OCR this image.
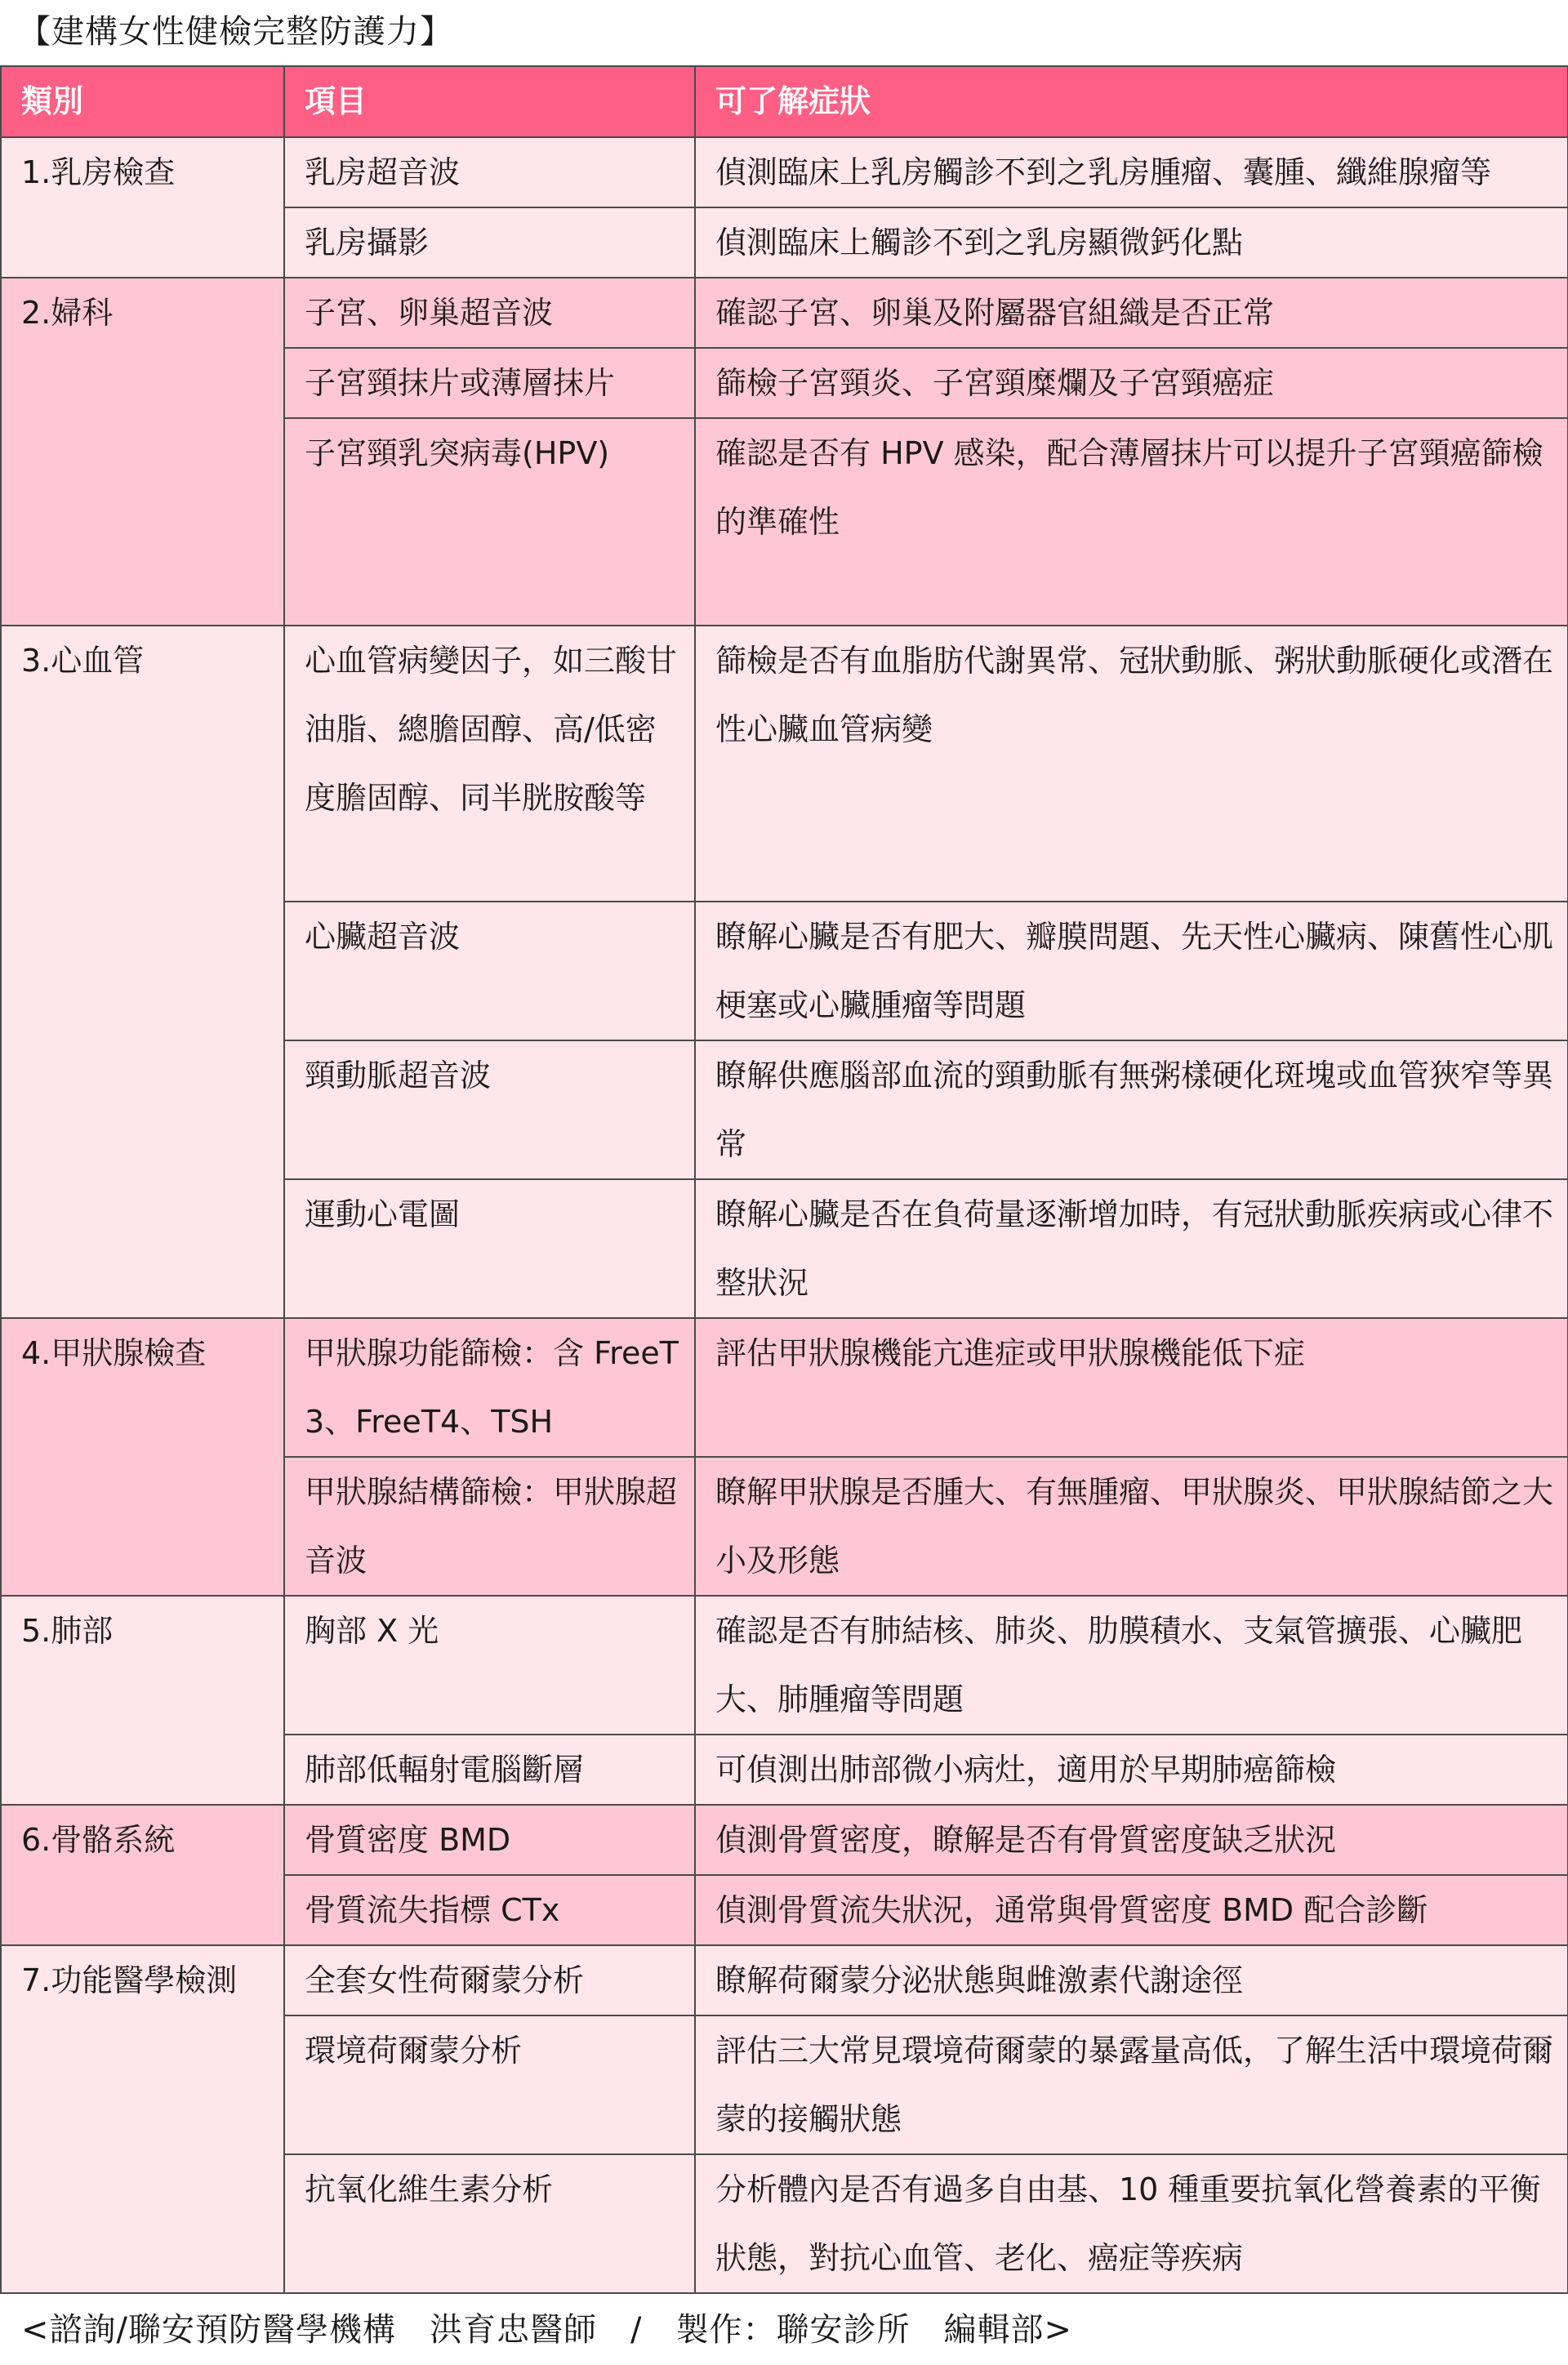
【建構女性健檢完整防護力】
類別	項目	可了解症狀
1.乳房檢查	乳房超音波	偵測臨床上乳房觸診不到之乳房腫瘤、囊腫、纖維腺瘤等
	乳房攝影	偵測臨床上觸診不到之乳房顯微鈣化點
2.婦科	子宮、卵巢超音波	確認子宮、卵巢及附屬器官組織是否正常
	子宮頸抹片或薄層抹片	篩檢子宮頸炎、子宮頸糜爛及子宮頸癌症
	子宮頸乳突病毒(HPV)	確認是否有 HPV 感染，配合薄層抹片可以提升子宮頸癌篩檢的準確性
3.心血管	心血管病變因子，如三酸甘油脂、總膽固醇、高/低密度膽固醇、同半胱胺酸等	篩檢是否有血脂肪代謝異常、冠狀動脈、粥狀動脈硬化或潛在性心臟血管病變
	心臟超音波	瞭解心臟是否有肥大、瓣膜問題、先天性心臟病、陳舊性心肌梗塞或心臟腫瘤等問題
	頸動脈超音波	瞭解供應腦部血流的頸動脈有無粥樣硬化斑塊或血管狹窄等異常
	運動心電圖	瞭解心臟是否在負荷量逐漸增加時，有冠狀動脈疾病或心律不整狀況
4.甲狀腺檢查	甲狀腺功能篩檢：含 FreeT3、FreeT4、TSH	評估甲狀腺機能亢進症或甲狀腺機能低下症
	甲狀腺結構篩檢：甲狀腺超音波	瞭解甲狀腺是否腫大、有無腫瘤、甲狀腺炎、甲狀腺結節之大小及形態
5.肺部	胸部 X 光	確認是否有肺結核、肺炎、肋膜積水、支氣管擴張、心臟肥大、肺腫瘤等問題
	肺部低輻射電腦斷層	可偵測出肺部微小病灶，適用於早期肺癌篩檢
6.骨骼系統	骨質密度 BMD	偵測骨質密度，瞭解是否有骨質密度缺乏狀況
	骨質流失指標 CTx	偵測骨質流失狀況，通常與骨質密度 BMD 配合診斷
7.功能醫學檢測	全套女性荷爾蒙分析	瞭解荷爾蒙分泌狀態與雌激素代謝途徑
	環境荷爾蒙分析	評估三大常見環境荷爾蒙的暴露量高低，了解生活中環境荷爾蒙的接觸狀態
	抗氧化維生素分析	分析體內是否有過多自由基、10 種重要抗氧化營養素的平衡狀態，對抗心血管、老化、癌症等疾病
<諮詢/聯安預防醫學機構　洪育忠醫師　/　製作：聯安診所　編輯部>
